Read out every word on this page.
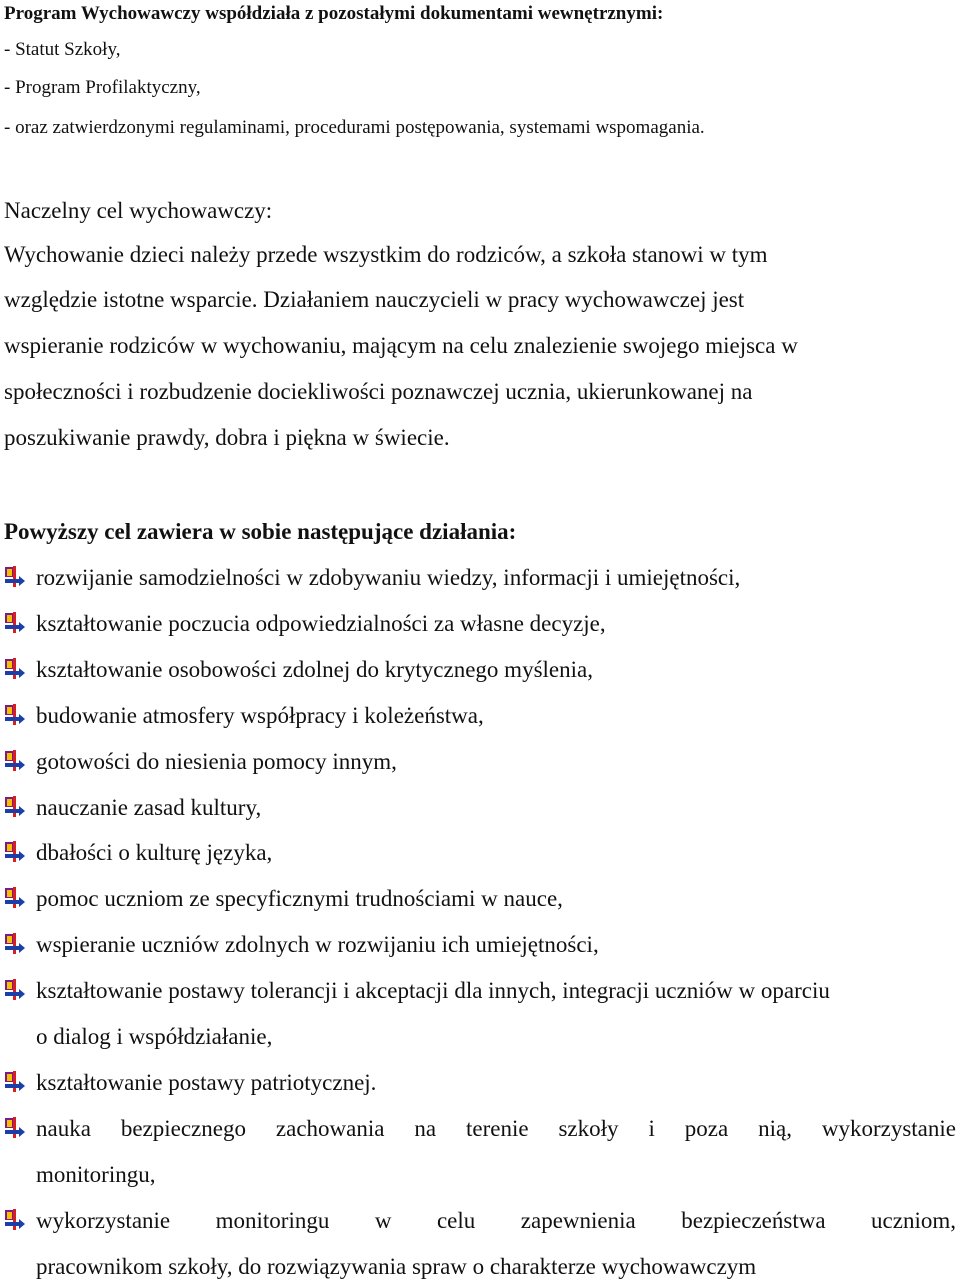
Program Wychowawczy współdziała z pozostałymi dokumentami wewnętrznymi:
- Statut Szkoły,
- Program Profilaktyczny,
- oraz zatwierdzonymi regulaminami, procedurami postępowania, systemami wspomagania.
Naczelny cel wychowawczy:
Wychowanie dzieci należy przede wszystkim do rodziców, a szkoła stanowi w tym
względzie istotne wsparcie. Działaniem nauczycieli w pracy wychowawczej jest
wspieranie rodziców w wychowaniu, mającym na celu znalezienie swojego miejsca w
społeczności i rozbudzenie dociekliwości poznawczej ucznia, ukierunkowanej na
poszukiwanie prawdy, dobra i piękna w świecie.
Powyższy cel zawiera w sobie następujące działania:
rozwijanie samodzielności w zdobywaniu wiedzy, informacji i umiejętności,
kształtowanie poczucia odpowiedzialności za własne decyzje,
kształtowanie osobowości zdolnej do krytycznego myślenia,
budowanie atmosfery współpracy i koleżeństwa,
gotowości do niesienia pomocy innym,
nauczanie zasad kultury,
dbałości o kulturę języka,
pomoc uczniom ze specyficznymi trudnościami w nauce,
wspieranie uczniów zdolnych w rozwijaniu ich umiejętności,
kształtowanie postawy tolerancji i akceptacji dla innych, integracji uczniów w oparciu
o dialog i współdziałanie,
kształtowanie postawy patriotycznej.
nauka bezpiecznego zachowania na terenie szkoły i poza nią, wykorzystanie
monitoringu,
wykorzystanie monitoringu w celu zapewnienia bezpieczeństwa uczniom,
pracownikom szkoły, do rozwiązywania spraw o charakterze wychowawczym
